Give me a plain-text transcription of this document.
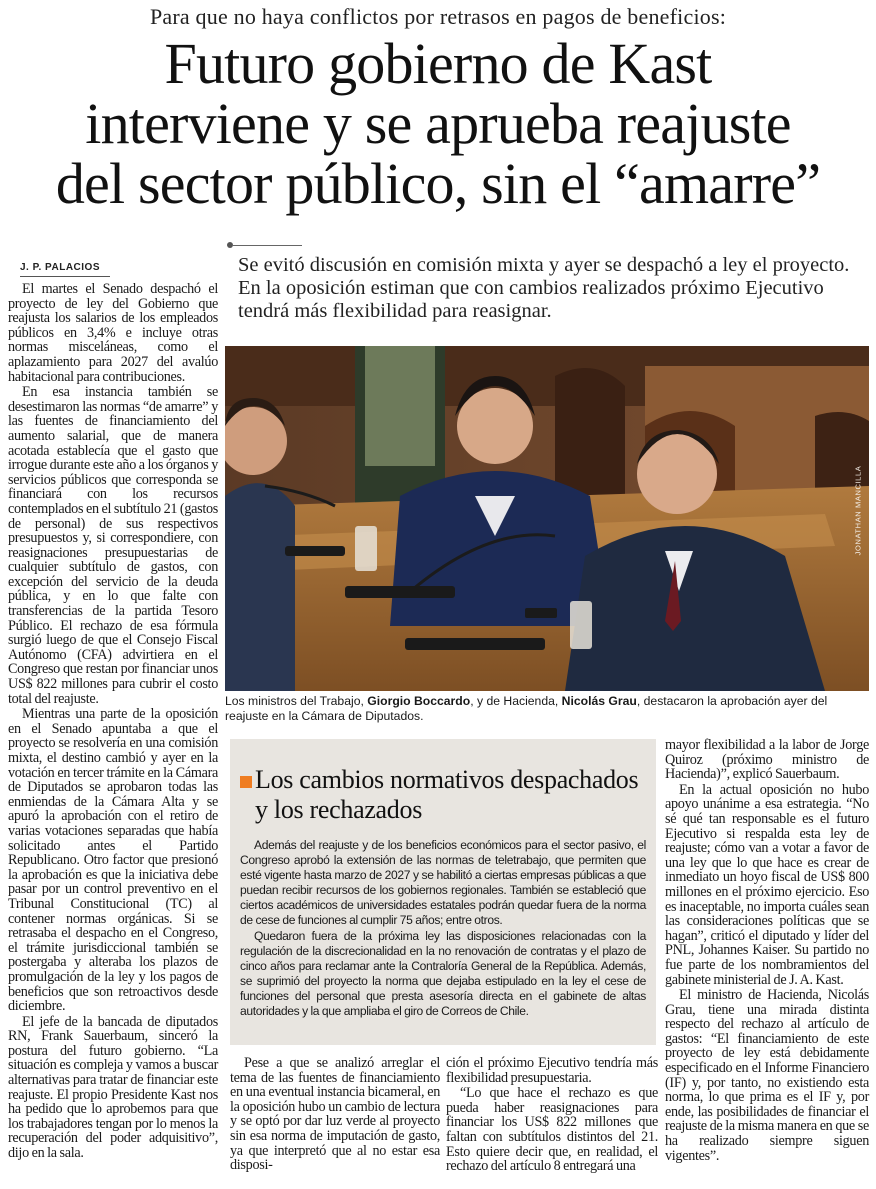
Para que no haya conflictos por retrasos en pagos de beneficios:
Futuro gobierno de Kast
interviene y se aprueba reajuste
del sector público, sin el “amarre”
Se evitó discusión en comisión mixta y ayer se despachó a ley el proyecto. En la oposición estiman que con cambios realizados próximo Ejecutivo tendrá más flexibilidad para reasignar.
J. P. PALACIOS

El martes el Senado despachó el proyecto de ley del Gobierno que reajusta los salarios de los empleados públicos en 3,4% e incluye otras normas misceláneas, como el aplazamiento para 2027 del avalúo habitacional para contribuciones.

En esa instancia también se desestimaron las normas “de amarre” y las fuentes de financiamiento del aumento salarial, que de manera acotada establecía que el gasto que irrogue durante este año a los órganos y servicios públicos que corresponda se financiará con los recursos contemplados en el subtítulo 21 (gastos de personal) de sus respectivos presupuestos y, si correspondiere, con reasignaciones presupuestarias de cualquier subtítulo de gastos, con excepción del servicio de la deuda pública, y en lo que falte con transferencias de la partida Tesoro Público. El rechazo de esa fórmula surgió luego de que el Consejo Fiscal Autónomo (CFA) advirtiera en el Congreso que restan por financiar unos US$ 822 millones para cubrir el costo total del reajuste.

Mientras una parte de la oposición en el Senado apuntaba a que el proyecto se resolvería en una comisión mixta, el destino cambió y ayer en la votación en tercer trámite en la Cámara de Diputados se aprobaron todas las enmiendas de la Cámara Alta y se apuró la aprobación con el retiro de varias votaciones separadas que había solicitado antes el Partido Republicano. Otro factor que presionó la aprobación es que la iniciativa debe pasar por un control preventivo en el Tribunal Constitucional (TC) al contener normas orgánicas. Si se retrasaba el despacho en el Congreso, el trámite jurisdiccional también se postergaba y alteraba los plazos de promulgación de la ley y los pagos de beneficios que son retroactivos desde diciembre.

El jefe de la bancada de diputados RN, Frank Sauerbaum, sinceró la postura del futuro gobierno. “La situación es compleja y vamos a buscar alternativas para tratar de financiar este reajuste. El propio Presidente Kast nos ha pedido que lo aprobemos para que los trabajadores tengan por lo menos la recuperación del poder adquisitivo”, dijo en la sala.

JONATHAN MANCILLA
Los ministros del Trabajo, Giorgio Boccardo, y de Hacienda, Nicolás Grau, destacaron la aprobación ayer del reajuste en la Cámara de Diputados.
Los cambios normativos despachados y los rechazados

Además del reajuste y de los beneficios económicos para el sector pasivo, el Congreso aprobó la extensión de las normas de teletrabajo, que permiten que esté vigente hasta marzo de 2027 y se habilitó a ciertas empresas públicas a que puedan recibir recursos de los gobiernos regionales. También se estableció que ciertos académicos de universidades estatales podrán quedar fuera de la norma de cese de funciones al cumplir 75 años; entre otros.

Quedaron fuera de la próxima ley las disposiciones relacionadas con la regulación de la discrecionalidad en la no renovación de contratas y el plazo de cinco años para reclamar ante la Contraloría General de la República. Además, se suprimió del proyecto la norma que dejaba estipulado en la ley el cese de funciones del personal que presta asesoría directa en el gabinete de altas autoridades y la que ampliaba el giro de Correos de Chile.

Pese a que se analizó arreglar el tema de las fuentes de financiamiento en una eventual instancia bicameral, en la oposición hubo un cambio de lectura y se optó por dar luz verde al proyecto sin esa norma de imputación de gasto, ya que interpretó que al no estar esa disposi-

ción el próximo Ejecutivo tendría más flexibilidad presupuestaria.

“Lo que hace el rechazo es que pueda haber reasignaciones para financiar los US$ 822 millones que faltan con subtítulos distintos del 21. Esto quiere decir que, en realidad, el rechazo del artículo 8 entregará una

mayor flexibilidad a la labor de Jorge Quiroz (próximo ministro de Hacienda)”, explicó Sauerbaum.

En la actual oposición no hubo apoyo unánime a esa estrategia. “No sé qué tan responsable es el futuro Ejecutivo si respalda esta ley de reajuste; cómo van a votar a favor de una ley que lo que hace es crear de inmediato un hoyo fiscal de US$ 800 millones en el próximo ejercicio. Eso es inaceptable, no importa cuáles sean las consideraciones políticas que se hagan”, criticó el diputado y líder del PNL, Johannes Kaiser. Su partido no fue parte de los nombramientos del gabinete ministerial de J. A. Kast.

El ministro de Hacienda, Nicolás Grau, tiene una mirada distinta respecto del rechazo al artículo de gastos: “El financiamiento de este proyecto de ley está debidamente especificado en el Informe Financiero (IF) y, por tanto, no existiendo esta norma, lo que prima es el IF y, por ende, las posibilidades de financiar el reajuste de la misma manera en que se ha realizado siempre siguen vigentes”.
